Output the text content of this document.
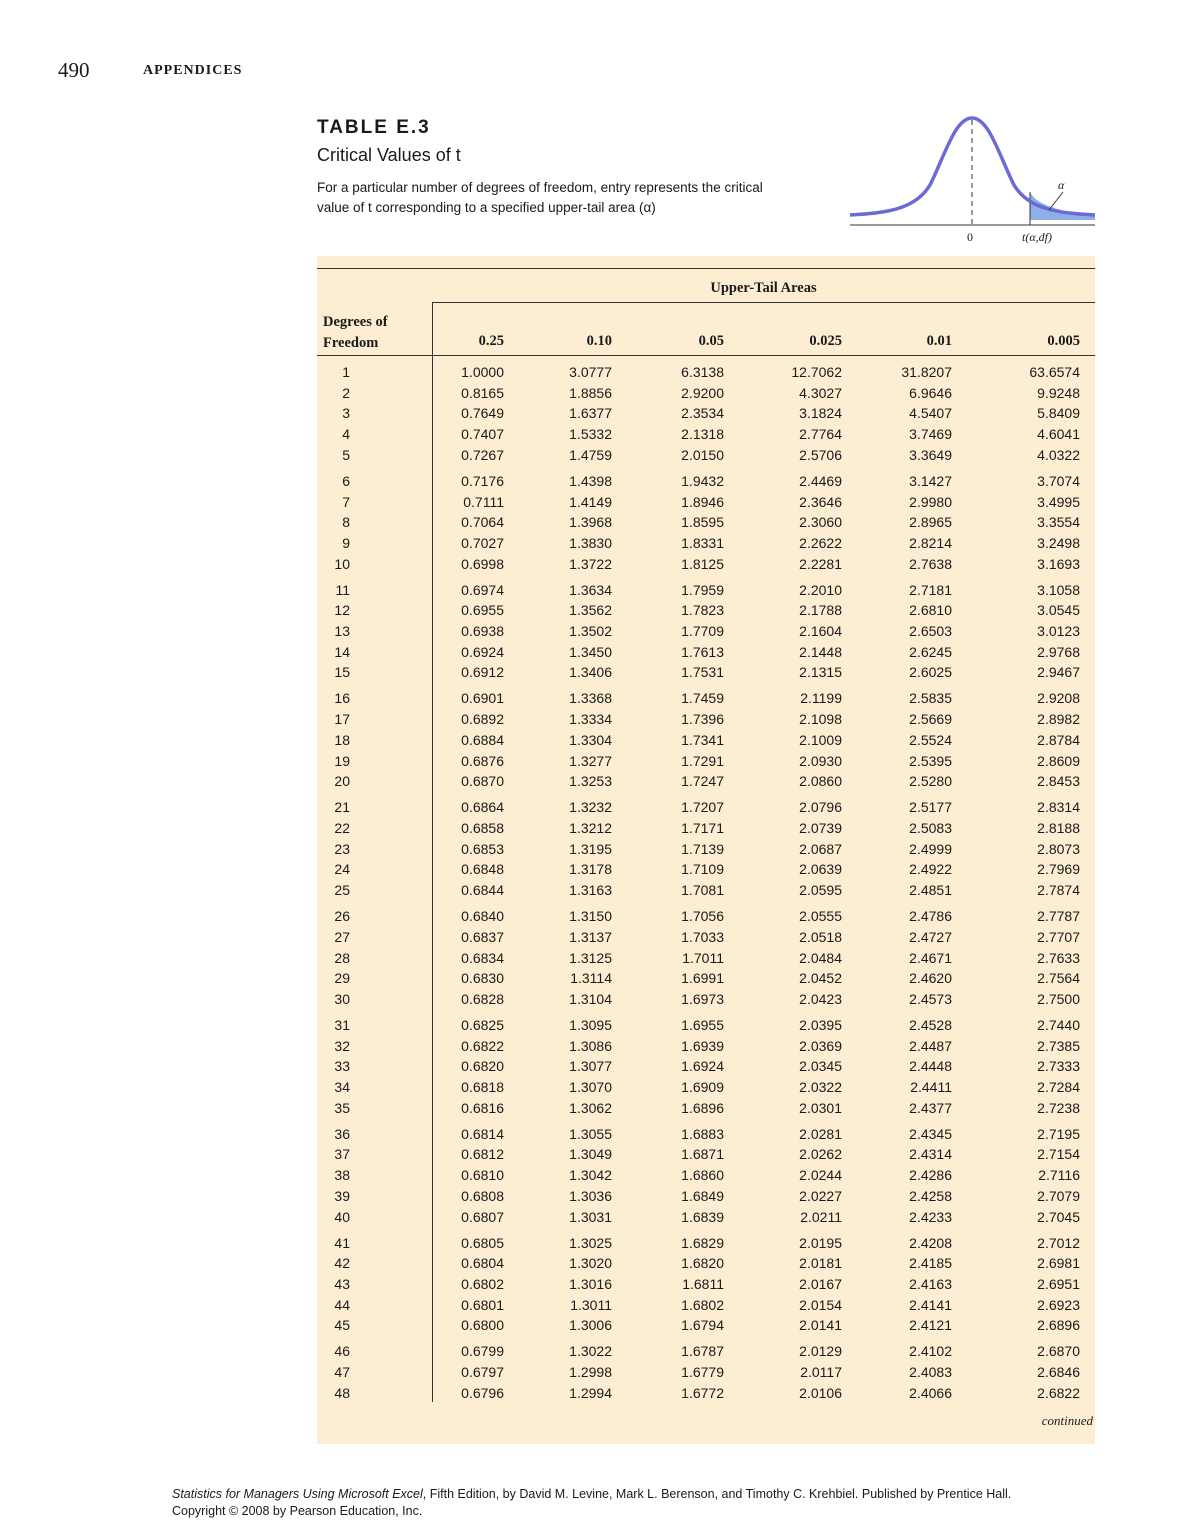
490	APPENDICES
TABLE E.3
Critical Values of t
For a particular number of degrees of freedom, entry represents the critical value of t corresponding to a specified upper-tail area (α)
α
0	t(α,df)
Upper-Tail Areas
Degrees of
Freedom	0.25	0.10	0.05	0.025	0.01	0.005
1	1.0000	3.0777	6.3138	12.7062	31.8207	63.6574
2	0.8165	1.8856	2.9200	4.3027	6.9646	9.9248
3	0.7649	1.6377	2.3534	3.1824	4.5407	5.8409
4	0.7407	1.5332	2.1318	2.7764	3.7469	4.6041
5	0.7267	1.4759	2.0150	2.5706	3.3649	4.0322
6	0.7176	1.4398	1.9432	2.4469	3.1427	3.7074
7	0.7111	1.4149	1.8946	2.3646	2.9980	3.4995
8	0.7064	1.3968	1.8595	2.3060	2.8965	3.3554
9	0.7027	1.3830	1.8331	2.2622	2.8214	3.2498
10	0.6998	1.3722	1.8125	2.2281	2.7638	3.1693
11	0.6974	1.3634	1.7959	2.2010	2.7181	3.1058
12	0.6955	1.3562	1.7823	2.1788	2.6810	3.0545
13	0.6938	1.3502	1.7709	2.1604	2.6503	3.0123
14	0.6924	1.3450	1.7613	2.1448	2.6245	2.9768
15	0.6912	1.3406	1.7531	2.1315	2.6025	2.9467
16	0.6901	1.3368	1.7459	2.1199	2.5835	2.9208
17	0.6892	1.3334	1.7396	2.1098	2.5669	2.8982
18	0.6884	1.3304	1.7341	2.1009	2.5524	2.8784
19	0.6876	1.3277	1.7291	2.0930	2.5395	2.8609
20	0.6870	1.3253	1.7247	2.0860	2.5280	2.8453
21	0.6864	1.3232	1.7207	2.0796	2.5177	2.8314
22	0.6858	1.3212	1.7171	2.0739	2.5083	2.8188
23	0.6853	1.3195	1.7139	2.0687	2.4999	2.8073
24	0.6848	1.3178	1.7109	2.0639	2.4922	2.7969
25	0.6844	1.3163	1.7081	2.0595	2.4851	2.7874
26	0.6840	1.3150	1.7056	2.0555	2.4786	2.7787
27	0.6837	1.3137	1.7033	2.0518	2.4727	2.7707
28	0.6834	1.3125	1.7011	2.0484	2.4671	2.7633
29	0.6830	1.3114	1.6991	2.0452	2.4620	2.7564
30	0.6828	1.3104	1.6973	2.0423	2.4573	2.7500
31	0.6825	1.3095	1.6955	2.0395	2.4528	2.7440
32	0.6822	1.3086	1.6939	2.0369	2.4487	2.7385
33	0.6820	1.3077	1.6924	2.0345	2.4448	2.7333
34	0.6818	1.3070	1.6909	2.0322	2.4411	2.7284
35	0.6816	1.3062	1.6896	2.0301	2.4377	2.7238
36	0.6814	1.3055	1.6883	2.0281	2.4345	2.7195
37	0.6812	1.3049	1.6871	2.0262	2.4314	2.7154
38	0.6810	1.3042	1.6860	2.0244	2.4286	2.7116
39	0.6808	1.3036	1.6849	2.0227	2.4258	2.7079
40	0.6807	1.3031	1.6839	2.0211	2.4233	2.7045
41	0.6805	1.3025	1.6829	2.0195	2.4208	2.7012
42	0.6804	1.3020	1.6820	2.0181	2.4185	2.6981
43	0.6802	1.3016	1.6811	2.0167	2.4163	2.6951
44	0.6801	1.3011	1.6802	2.0154	2.4141	2.6923
45	0.6800	1.3006	1.6794	2.0141	2.4121	2.6896
46	0.6799	1.3022	1.6787	2.0129	2.4102	2.6870
47	0.6797	1.2998	1.6779	2.0117	2.4083	2.6846
48	0.6796	1.2994	1.6772	2.0106	2.4066	2.6822
continued
Statistics for Managers Using Microsoft Excel, Fifth Edition, by David M. Levine, Mark L. Berenson, and Timothy C. Krehbiel. Published by Prentice Hall.
Copyright © 2008 by Pearson Education, Inc.
